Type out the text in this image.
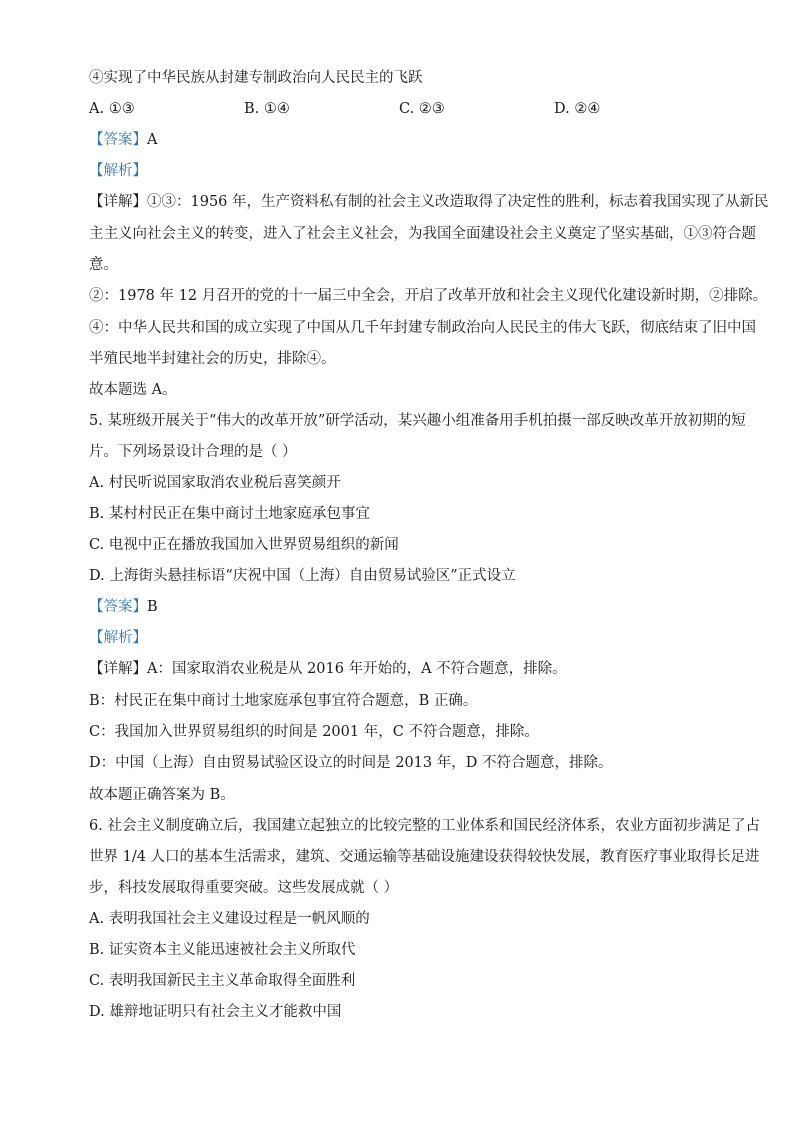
④实现了中华民族从封建专制政治向人民民主的飞跃
A. ①③	B. ①④	C. ②③	D. ②④
【答案】A
【解析】
【详解】①③：1956 年，生产资料私有制的社会主义改造取得了决定性的胜利，标志着我国实现了从新民
主主义向社会主义的转变，进入了社会主义社会，为我国全面建设社会主义奠定了坚实基础，①③符合题
意。
②：1978 年 12 月召开的党的十一届三中全会，开启了改革开放和社会主义现代化建设新时期，②排除。
④：中华人民共和国的成立实现了中国从几千年封建专制政治向人民民主的伟大飞跃，彻底结束了旧中国
半殖民地半封建社会的历史，排除④。
故本题选 A。
5. 某班级开展关于“伟大的改革开放”研学活动，某兴趣小组准备用手机拍摄一部反映改革开放初期的短
片。下列场景设计合理的是（ ）
A. 村民听说国家取消农业税后喜笑颜开
B. 某村村民正在集中商讨土地家庭承包事宜
C. 电视中正在播放我国加入世界贸易组织的新闻
D. 上海街头悬挂标语“庆祝中国（上海）自由贸易试验区”正式设立
【答案】B
【解析】
【详解】A：国家取消农业税是从 2016 年开始的，A 不符合题意，排除。
B：村民正在集中商讨土地家庭承包事宜符合题意，B 正确。
C：我国加入世界贸易组织的时间是 2001 年，C 不符合题意，排除。
D：中国（上海）自由贸易试验区设立的时间是 2013 年，D 不符合题意，排除。
故本题正确答案为 B。
6. 社会主义制度确立后，我国建立起独立的比较完整的工业体系和国民经济体系，农业方面初步满足了占
世界 1/4 人口的基本生活需求，建筑、交通运输等基础设施建设获得较快发展，教育医疗事业取得长足进
步，科技发展取得重要突破。这些发展成就（ ）
A. 表明我国社会主义建设过程是一帆风顺的
B. 证实资本主义能迅速被社会主义所取代
C. 表明我国新民主主义革命取得全面胜利
D. 雄辩地证明只有社会主义才能救中国
